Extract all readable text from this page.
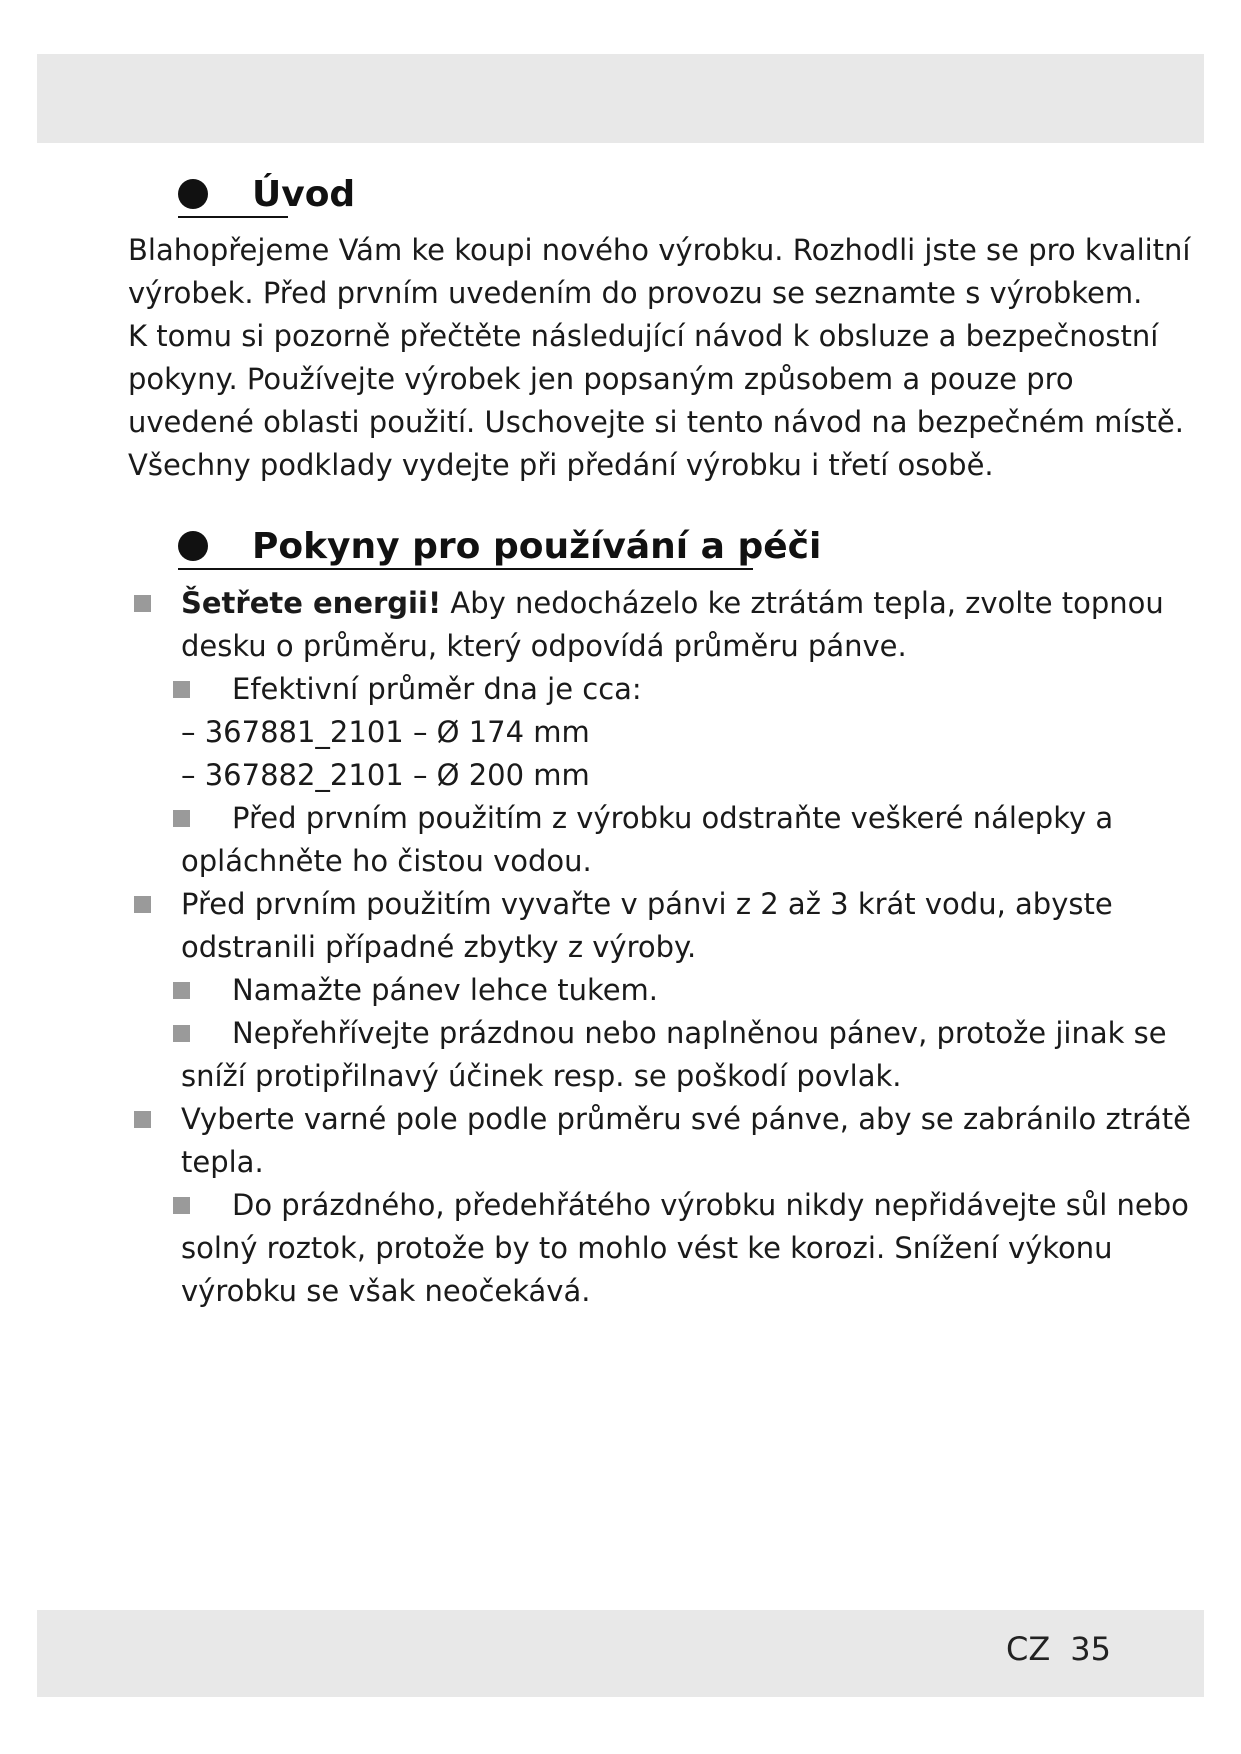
Úvod
Blahopřejeme Vám ke koupi nového výrobku. Rozhodli jste se pro kvalitní
výrobek. Před prvním uvedením do provozu se seznamte s výrobkem.
K tomu si pozorně přečtěte následující návod k obsluze a bezpečnostní
pokyny. Používejte výrobek jen popsaným způsobem a pouze pro
uvedené oblasti použití. Uschovejte si tento návod na bezpečném místě.
Všechny podklady vydejte při předání výrobku i třetí osobě.
Pokyny pro používání a péči
Šetřete energii! Aby nedocházelo ke ztrátám tepla, zvolte topnou
desku o průměru, který odpovídá průměru pánve.
Efektivní průměr dna je cca:
– 367881_2101 – Ø 174 mm
– 367882_2101 – Ø 200 mm
Před prvním použitím z výrobku odstraňte veškeré nálepky a
opláchněte ho čistou vodou.
Před prvním použitím vyvařte v pánvi z 2 až 3 krát vodu, abyste
odstranili případné zbytky z výroby.
Namažte pánev lehce tukem.
Nepřehřívejte prázdnou nebo naplněnou pánev, protože jinak se
sníží protipřilnavý účinek resp. se poškodí povlak.
Vyberte varné pole podle průměru své pánve, aby se zabránilo ztrátě
tepla.
Do prázdného, předehřátého výrobku nikdy nepřidávejte sůl nebo
solný roztok, protože by to mohlo vést ke korozi. Snížení výkonu
výrobku se však neočekává.
CZ 35
